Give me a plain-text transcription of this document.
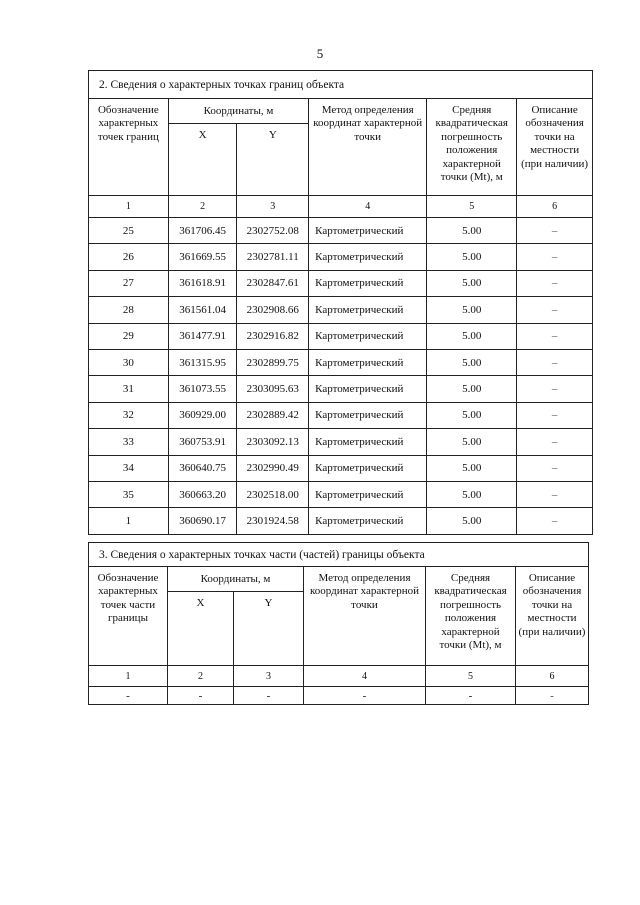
5
2. Сведения о характерных точках границ объекта					
Обозначение характерных точек границ	Координаты, м		Метод определения координат характерной точки	Средняя квадратическая погрешность положения характерной точки (Mt), м	Описание обозначения точки на местности (при наличии)
	X	Y			
1	2	3	4	5	6
25	361706.45	2302752.08	Картометрический	5.00	–
26	361669.55	2302781.11	Картометрический	5.00	–
27	361618.91	2302847.61	Картометрический	5.00	–
28	361561.04	2302908.66	Картометрический	5.00	–
29	361477.91	2302916.82	Картометрический	5.00	–
30	361315.95	2302899.75	Картометрический	5.00	–
31	361073.55	2303095.63	Картометрический	5.00	–
32	360929.00	2302889.42	Картометрический	5.00	–
33	360753.91	2303092.13	Картометрический	5.00	–
34	360640.75	2302990.49	Картометрический	5.00	–
35	360663.20	2302518.00	Картометрический	5.00	–
1	360690.17	2301924.58	Картометрический	5.00	–
3. Сведения о характерных точках части (частей) границы объекта					
Обозначение характерных точек части границы	Координаты, м		Метод определения координат характерной точки	Средняя квадратическая погрешность положения характерной точки (Mt), м	Описание обозначения точки на местности (при наличии)
	X	Y			
1	2	3	4	5	6
-	-	-	-	-	-
